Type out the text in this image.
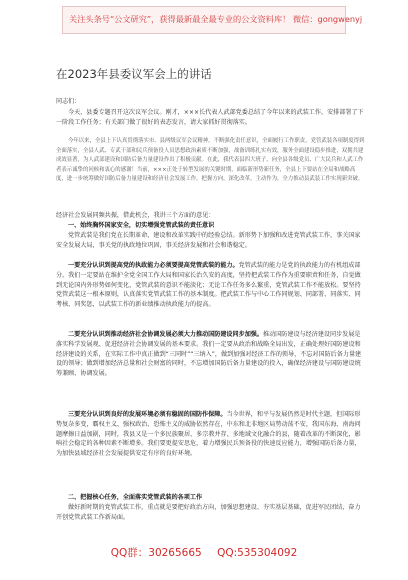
关注头条号“公文研究”，获得最新最全最专业的公文资料库！ 微信：gongwenyj
在2023年县委议军会上的讲话

同志们：

今天，县委专题召开这次议军会议。刚才，×××长代表人武部党委总结了今年以来的武装工作，安排部署了下一阶段工作任务；有关部门做了很好的表态发言，请大家抓好贯彻落实。

今年以来，全县上下认真贯彻落实市、县两级议军会议精神，不断强化责任意识，全面履行工作职责，党管武装各项制度得到全面落实，全县人武、专武干部和民兵预备役人员思想政治素质不断加强，战备训练扎实有效，服务全面建设稳步推进，双拥共建成效显著，为人武部建设和国防后备力量建设作出了积极贡献。在此，我代表县四大班子，向全县各级党员、广大民兵和人武工作者表示诚挚的问候和衷心的感谢！当前，×××正处于转型发展的关键时期，面临新形势新任务，全县上下要站在全局和战略高度，进一步统筹做好国防后备力量建设和经济社会发展工作，把握方向，深化改革，主动作为，全力推动县武装工作实现新突破。

经济社会发展同频共振，借此机会，我讲三个方面的意见：

一、始终胸怀国家安全，切实增强党管武装的责任意识

党管武装是我们党在长期革命、建设和改革实践中的经验总结。新形势下加强和改进党管武装工作，事关国家安全发展大局，事关党的执政地位巩固，事关经济发展和社会和谐稳定。

一要充分认识到提高党的执政能力必须要提高党管武装的能力。党管武装的能力是党的执政能力的有机组成部分。我们一定要站在维护全党全国工作大局和国家长治久安的高度，坚持把武装工作作为重要职责和任务，自觉做到无论国内外形势如何变化，党管武装的意识不能淡化；无论工作任务多么繁重，党管武装工作不能放松。要坚持党管武装这一根本原则，认真落实党管武装工作的基本制度。把武装工作与中心工作同规划、同部署、同落实、同考核、同奖惩，以武装工作的新业绩推动执政能力的提高。

二要充分认识到推动经济社会协调发展必须大力推动国防建设同步加强。推动国防建设与经济建设同步发展是落实科学发展观、促进经济社会协调发展的基本要求。我们一定要从政治和战略全局出发，正确处理好国防建设和经济建设的关系，在实际工作中真正做到“三同时”“三纳入”，做到加强对经济工作的领导，不忘对国防后备力量建设的领导；做到增加经济总量和社会财富的同时，不忘增加国防后备力量建设的投入，确保经济建设与国防建设统筹兼顾、协调发展。

三要充分认识到良好的发展环境必须有稳固的国防作保障。当今世界，和平与发展仍然是时代主题，但国际形势复杂多变，霸权主义、强权政治、恐怖主义的威胁依然存在，中东和北非地区局势动荡不安，我国东海、南海问题摩擦日益加剧，同时，我县又是一个多民族聚居、多宗教并存、多地域文化融合的县，随着改革的不断深化，影响社会稳定的各种因素不断增多。我们要更提安思危，着力增强民兵预备役的快速反应能力，增强国防后备力量，为加快县域经济社会发展提供安定有序的良好环境。

二、把握核心任务，全面落实党管武装的各项工作

做好新时期的党管武装工作，重点就是要把好政治方向，加强思想建设、夯实基层基础，促进军民团结，奋力开创党管武装工作新局面。

QQ群：30265665 QQ:535304092
